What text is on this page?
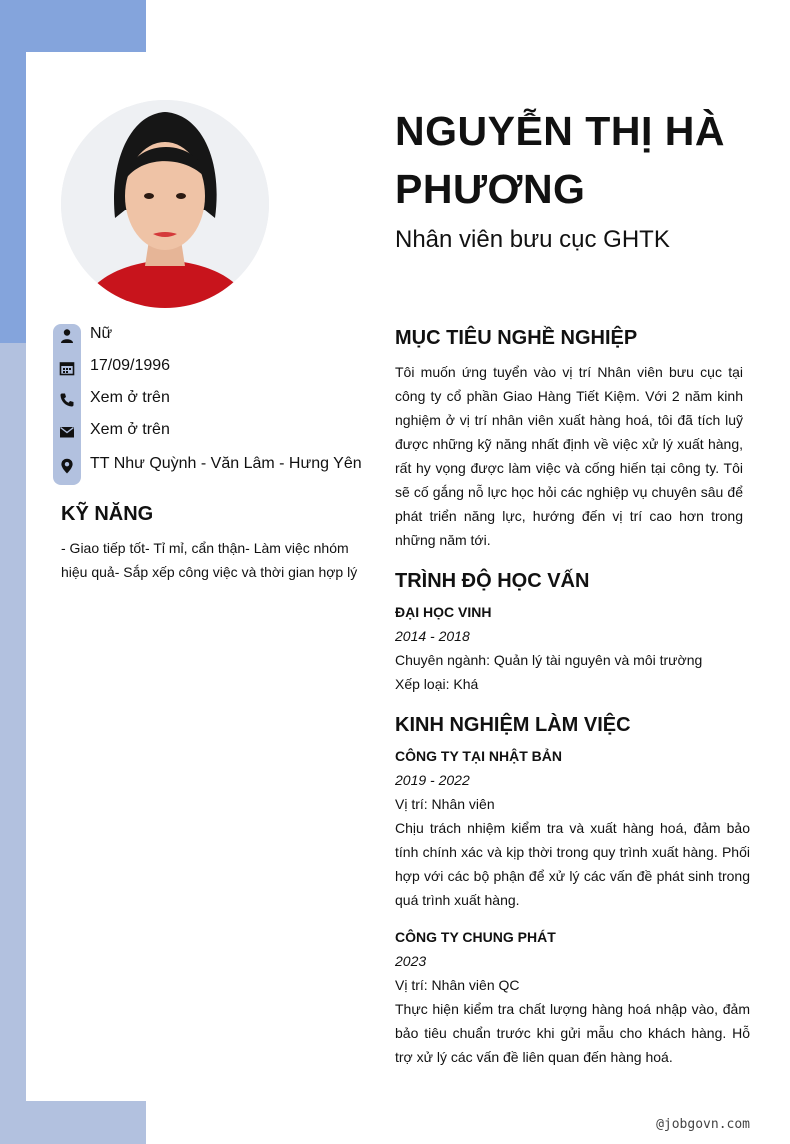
Nữ
17/09/1996
Xem ở trên
Xem ở trên
TT Như Quỳnh - Văn Lâm - Hưng Yên
KỸ NĂNG
- Giao tiếp tốt- Tỉ mỉ, cẩn thận- Làm việc nhóm hiệu quả- Sắp xếp công việc và thời gian hợp lý
NGUYỄN THỊ HÀ PHƯƠNG
Nhân viên bưu cục GHTK
MỤC TIÊU NGHỀ NGHIỆP
Tôi muốn ứng tuyển vào vị trí Nhân viên bưu cục tại công ty cổ phần Giao Hàng Tiết Kiệm. Với 2 năm kinh nghiệm ở vị trí nhân viên xuất hàng hoá, tôi đã tích luỹ được những kỹ năng nhất định về việc xử lý xuất hàng, rất hy vọng được làm việc và cống hiến tại công ty. Tôi sẽ cố gắng nỗ lực học hỏi các nghiệp vụ chuyên sâu để phát triển năng lực, hướng đến vị trí cao hơn trong những năm tới.
TRÌNH ĐỘ HỌC VẤN
ĐẠI HỌC VINH
2014 - 2018
Chuyên ngành: Quản lý tài nguyên và môi trường
Xếp loại: Khá
KINH NGHIỆM LÀM VIỆC
CÔNG TY TẠI NHẬT BẢN
2019 - 2022
Vị trí: Nhân viên
Chịu trách nhiệm kiểm tra và xuất hàng hoá, đảm bảo tính chính xác và kịp thời trong quy trình xuất hàng. Phối hợp với các bộ phận để xử lý các vấn đề phát sinh trong quá trình xuất hàng.
CÔNG TY CHUNG PHÁT
2023
Vị trí: Nhân viên QC
Thực hiện kiểm tra chất lượng hàng hoá nhập vào, đảm bảo tiêu chuẩn trước khi gửi mẫu cho khách hàng. Hỗ trợ xử lý các vấn đề liên quan đến hàng hoá.
@jobgovn.com
